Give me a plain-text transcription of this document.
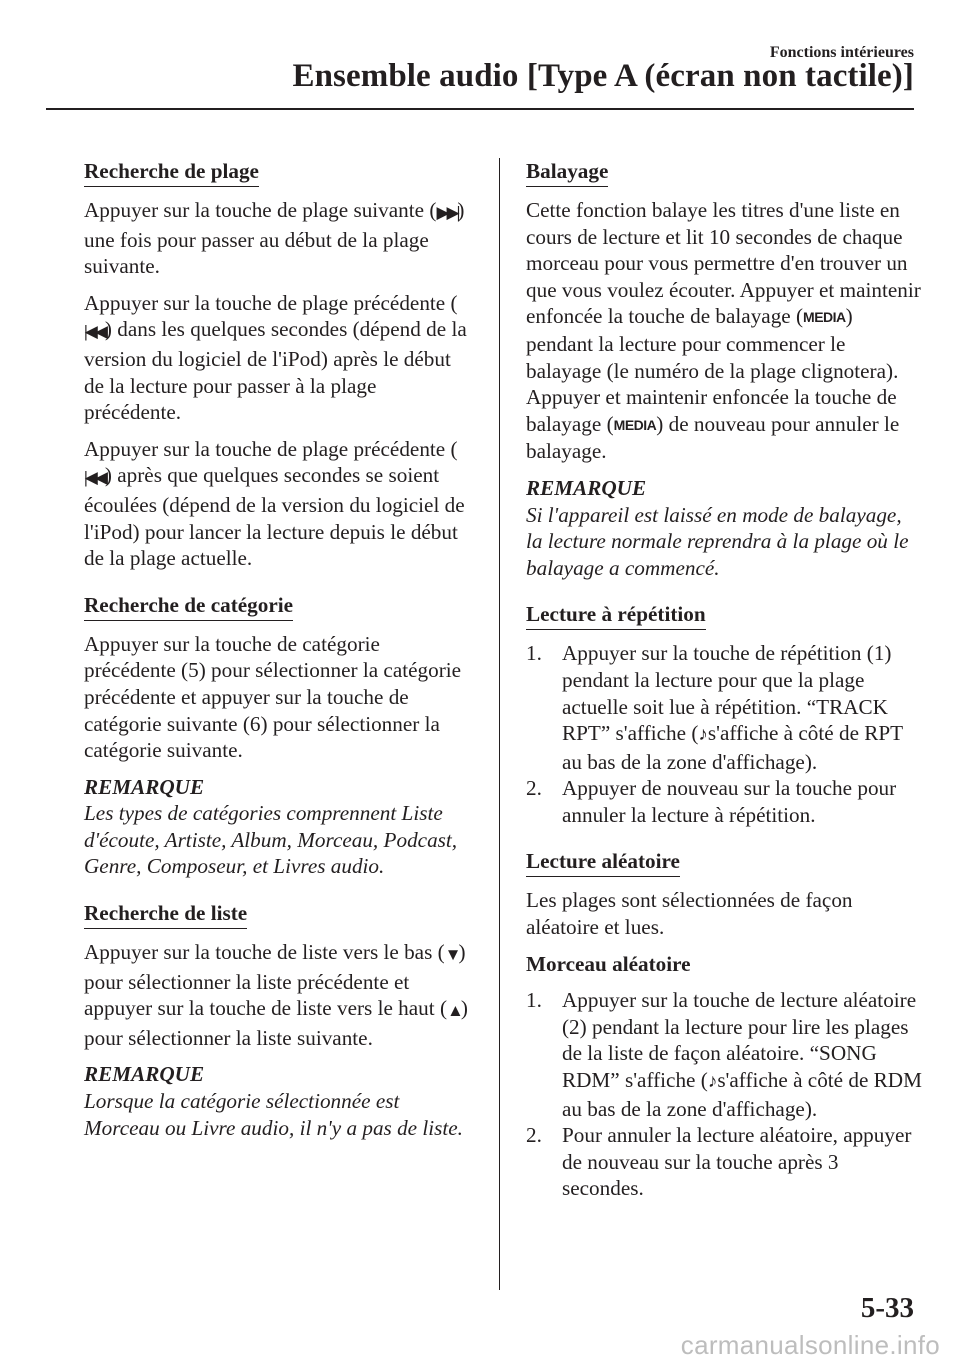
Fonctions intérieures
Ensemble audio [Type A (écran non tactile)]
Recherche de plage
Appuyer sur la touche de plage suivante (▶▶|) une fois pour passer au début de la plage suivante.
Appuyer sur la touche de plage précédente (|◀◀) dans les quelques secondes (dépend de la version du logiciel de l'iPod) après le début de la lecture pour passer à la plage précédente.
Appuyer sur la touche de plage précédente (|◀◀) après que quelques secondes se soient écoulées (dépend de la version du logiciel de l'iPod) pour lancer la lecture depuis le début de la plage actuelle.
Recherche de catégorie
Appuyer sur la touche de catégorie précédente (5) pour sélectionner la catégorie précédente et appuyer sur la touche de catégorie suivante (6) pour sélectionner la catégorie suivante.
REMARQUE
Les types de catégories comprennent Liste d'écoute, Artiste, Album, Morceau, Podcast, Genre, Composeur, et Livres audio.
Recherche de liste
Appuyer sur la touche de liste vers le bas (▼) pour sélectionner la liste précédente et appuyer sur la touche de liste vers le haut (▲) pour sélectionner la liste suivante.
REMARQUE
Lorsque la catégorie sélectionnée est Morceau ou Livre audio, il n'y a pas de liste.
Balayage
Cette fonction balaye les titres d'une liste en cours de lecture et lit 10 secondes de chaque morceau pour vous permettre d'en trouver un que vous voulez écouter. Appuyer et maintenir enfoncée la touche de balayage (MEDIA) pendant la lecture pour commencer le balayage (le numéro de la plage clignotera). Appuyer et maintenir enfoncée la touche de balayage (MEDIA) de nouveau pour annuler le balayage.
REMARQUE
Si l'appareil est laissé en mode de balayage, la lecture normale reprendra à la plage où le balayage a commencé.
Lecture à répétition
1. Appuyer sur la touche de répétition (1) pendant la lecture pour que la plage actuelle soit lue à répétition. “TRACK RPT” s'affiche (♪s'affiche à côté de RPT au bas de la zone d'affichage).
2. Appuyer de nouveau sur la touche pour annuler la lecture à répétition.
Lecture aléatoire
Les plages sont sélectionnées de façon aléatoire et lues.
Morceau aléatoire
1. Appuyer sur la touche de lecture aléatoire (2) pendant la lecture pour lire les plages de la liste de façon aléatoire. “SONG RDM” s'affiche (♪s'affiche à côté de RDM au bas de la zone d'affichage).
2. Pour annuler la lecture aléatoire, appuyer de nouveau sur la touche après 3 secondes.
5-33
carmanualsonline.info
